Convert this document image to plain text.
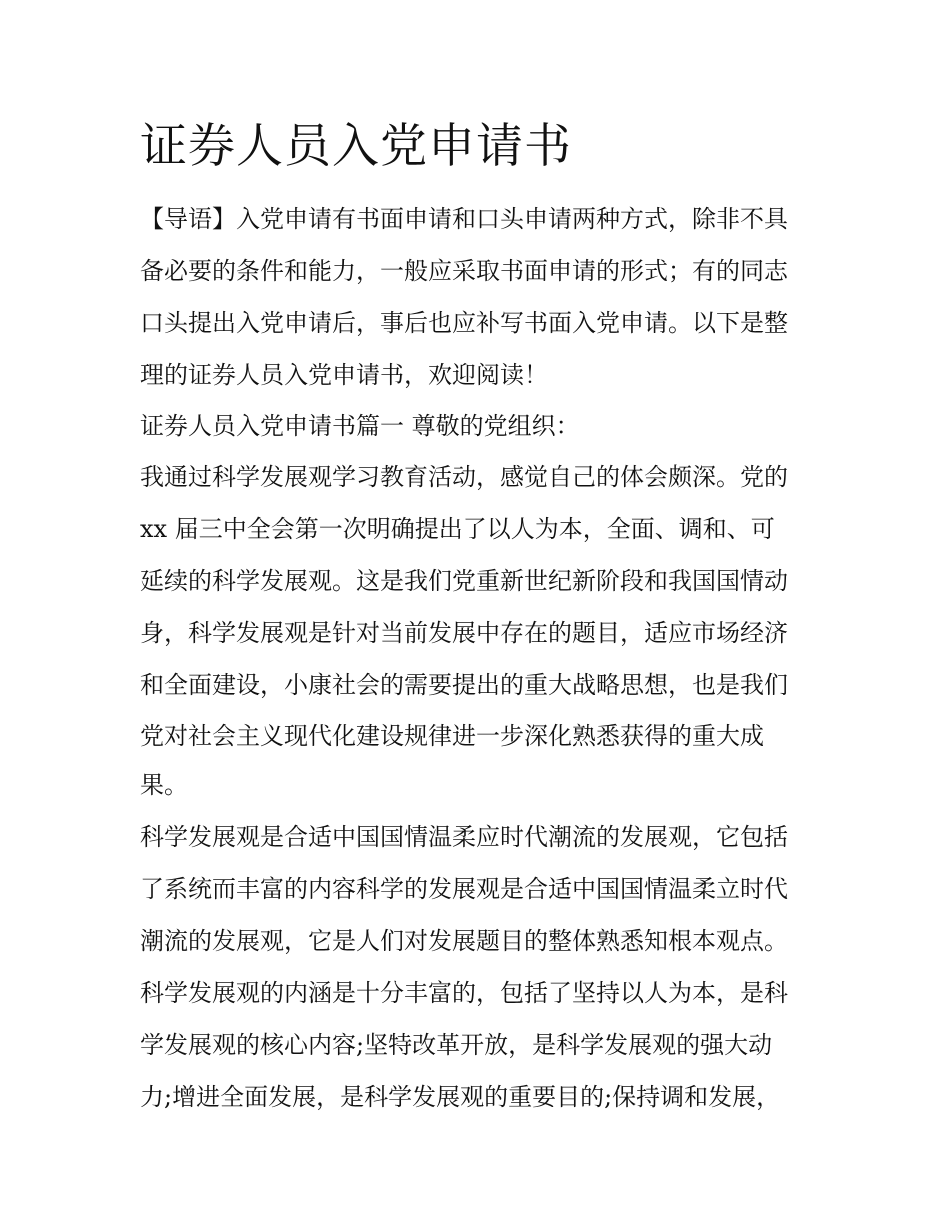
证券人员入党申请书
【导语】入党申请有书面申请和口头申请两种方式，除非不具
备必要的条件和能力，一般应采取书面申请的形式；有的同志
口头提出入党申请后，事后也应补写书面入党申请。以下是整
理的证券人员入党申请书，欢迎阅读！
证券人员入党申请书篇一 尊敬的党组织：
我通过科学发展观学习教育活动，感觉自己的体会颇深。党的
xx 届三中全会第一次明确提出了以人为本，全面、调和、可
延续的科学发展观。这是我们党重新世纪新阶段和我国国情动
身，科学发展观是针对当前发展中存在的题目，适应市场经济
和全面建设，小康社会的需要提出的重大战略思想，也是我们
党对社会主义现代化建设规律进一步深化熟悉获得的重大成
果。
科学发展观是合适中国国情温柔应时代潮流的发展观，它包括
了系统而丰富的内容科学的发展观是合适中国国情温柔立时代
潮流的发展观，它是人们对发展题目的整体熟悉知根本观点。
科学发展观的内涵是十分丰富的，包括了坚持以人为本，是科
学发展观的核心内容;坚特改革开放，是科学发展观的强大动
力;增进全面发展，是科学发展观的重要目的;保持调和发展，
